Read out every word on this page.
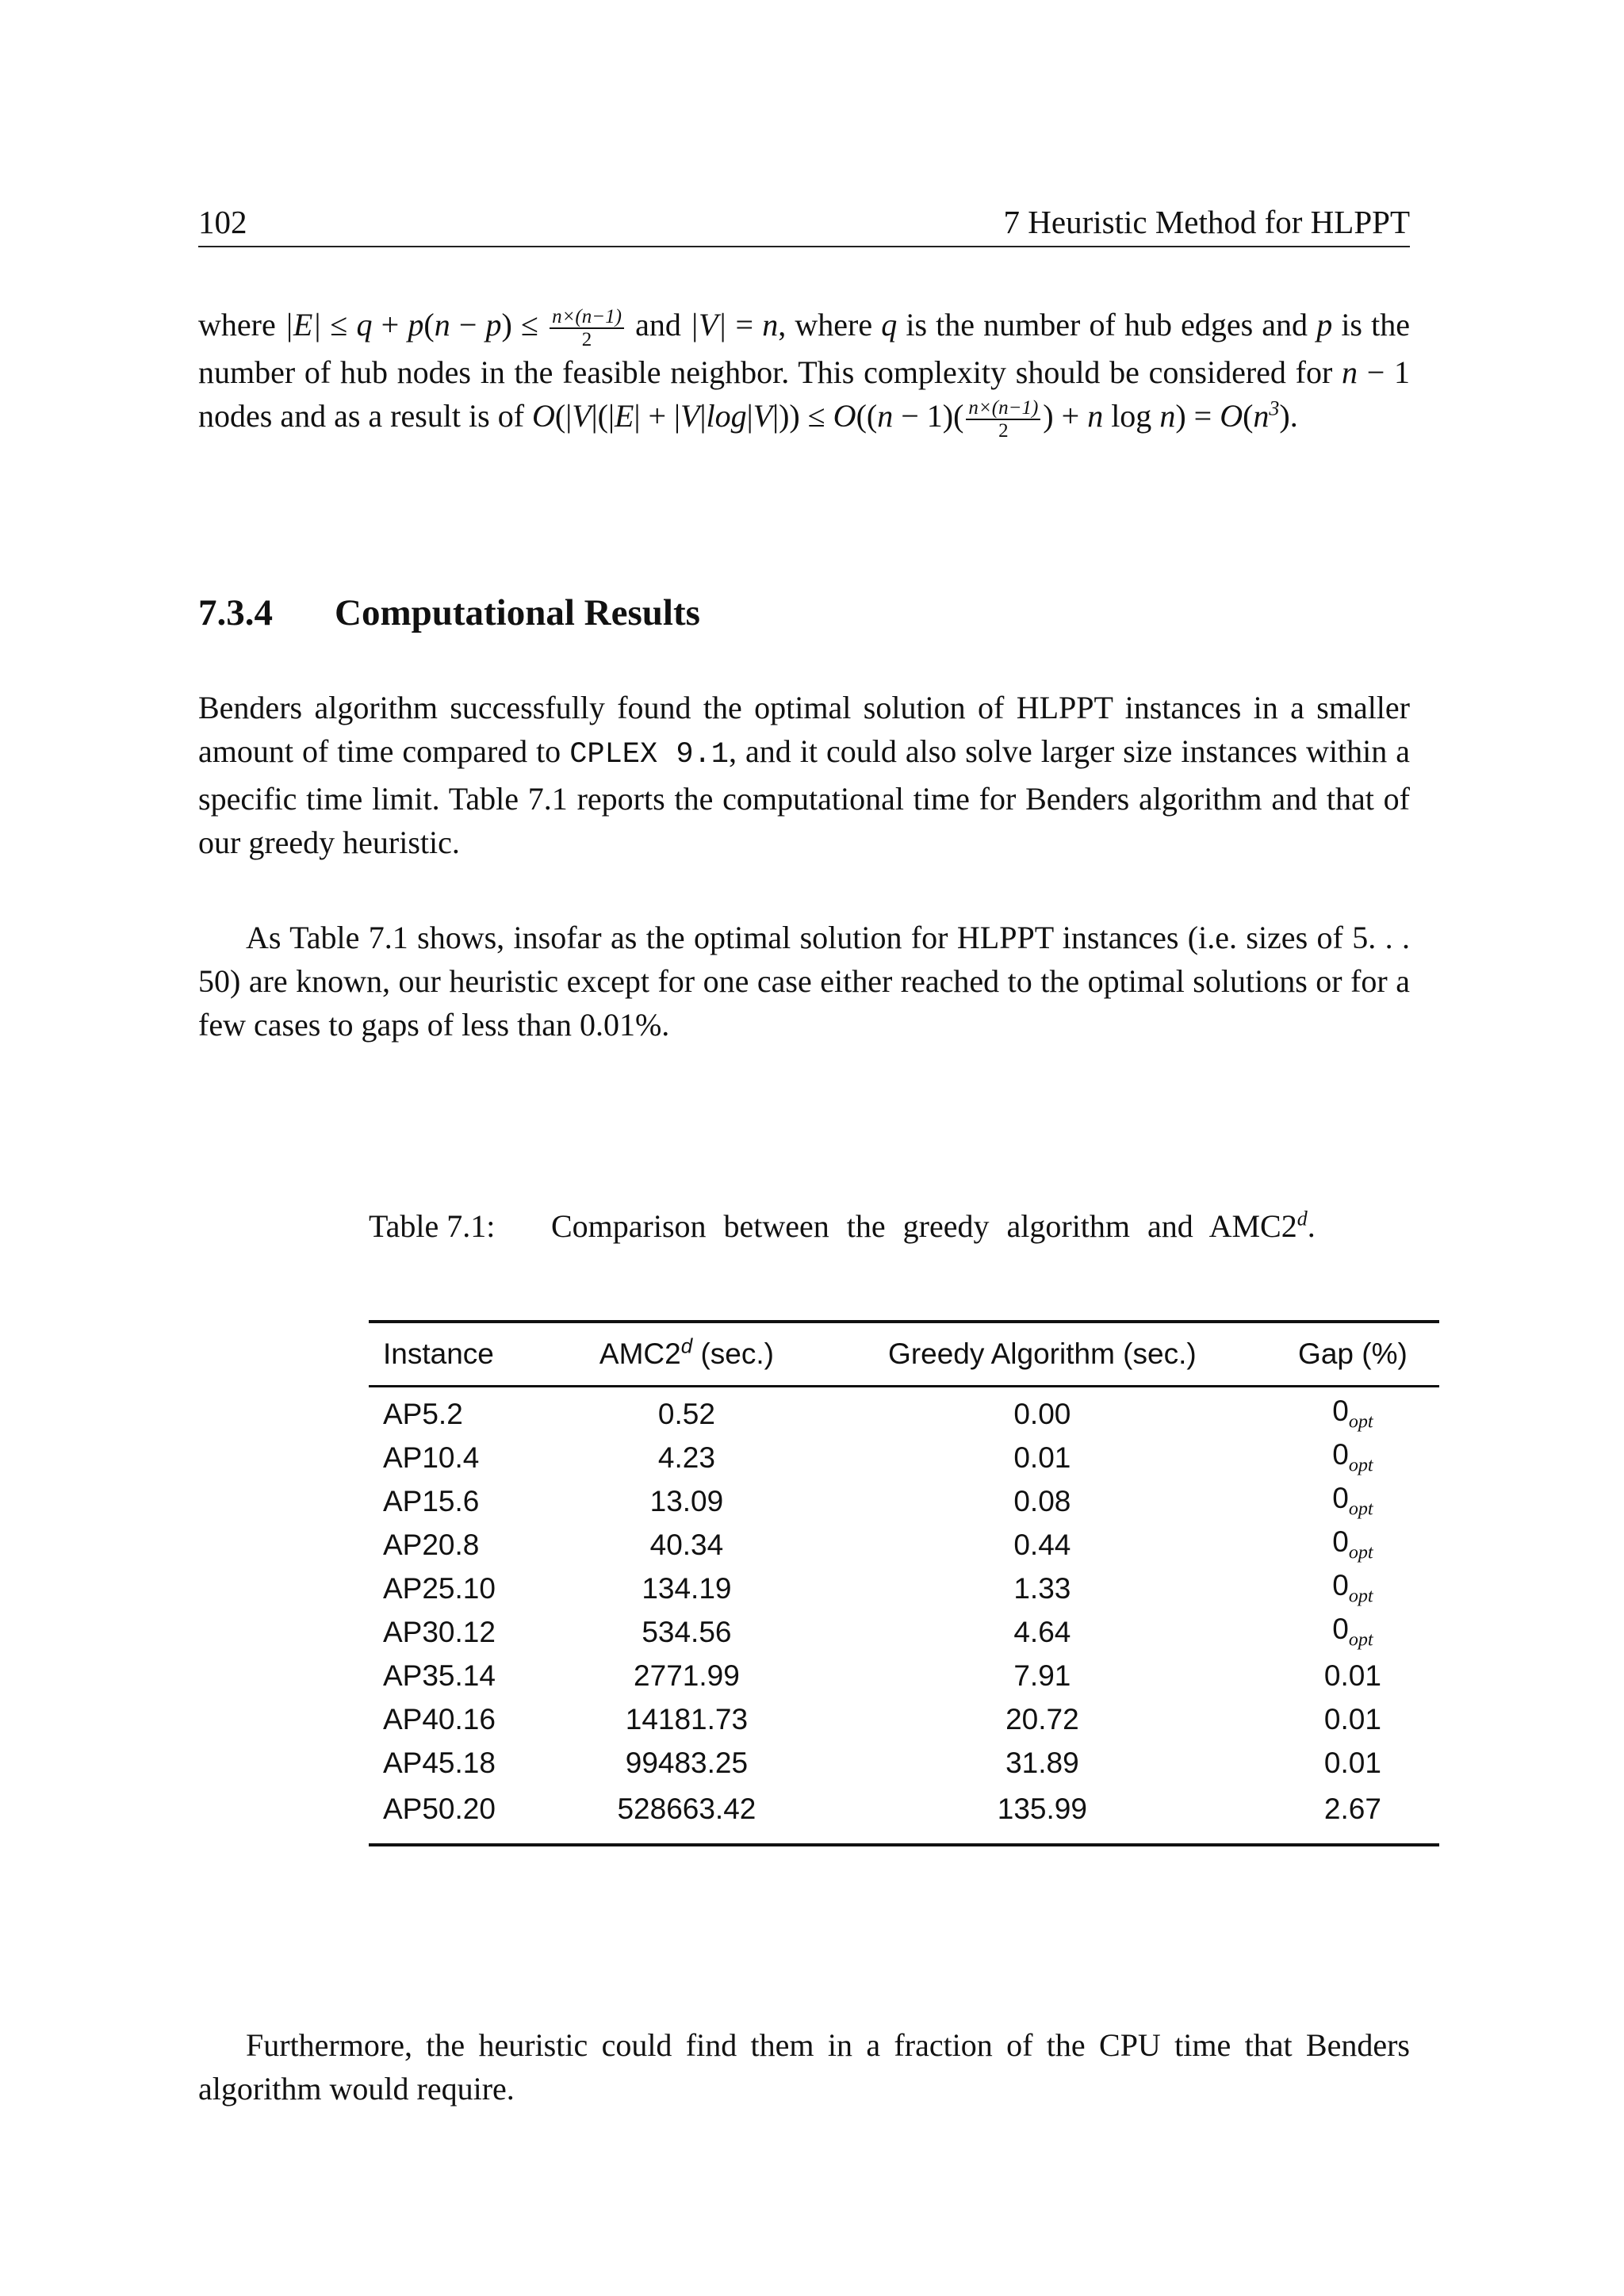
102	7 Heuristic Method for HLPPT
where $|E| \le q + p(n - p) \le \frac{n\times(n-1)}{2}$ and |V| = n, where q is the number of hub edges and p is the number of hub nodes in the feasible neighbor. This complexity should be considered for n − 1 nodes and as a result is of $O(|V|(|E| + |V|\log|V|)) \le O((n - 1)( \frac{n\times(n-1)}{2}$ ) + n $\log n) = O(n^3)$.
7.3.4 Computational Results
Benders algorithm successfully found the optimal solution of HLPPT instances in a smaller amount of time compared to CPLEX 9.1, and it could also solve larger size instances within a specific time limit. Table 7.1 reports the computational time for Benders algorithm and that of our greedy heuristic.
As Table 7.1 shows, insofar as the optimal solution for HLPPT instances (i.e. sizes of 5. . . 50) are known, our heuristic except for one case either reached to the optimal solutions or for a few cases to gaps of less than 0.01%.
Table 7.1: Comparison between the greedy algorithm and AMC2$^d$.
Instance	AMC2$^d$ (sec.)	Greedy Algorithm (sec.)	Gap (%)
AP5.2	0.52	0.00	$0_{opt}$
AP10.4	4.23	0.01	$0_{opt}$
AP15.6	13.09	0.08	$0_{opt}$
AP20.8	40.34	0.44	$0_{opt}$
AP25.10	134.19	1.33	$0_{opt}$
AP30.12	534.56	4.64	$0_{opt}$
AP35.14	2771.99	7.91	0.01
AP40.16	14181.73	20.72	0.01
AP45.18	99483.25	31.89	0.01
AP50.20	528663.42	135.99	2.67
Furthermore, the heuristic could find them in a fraction of the CPU time that Benders algorithm would require.
